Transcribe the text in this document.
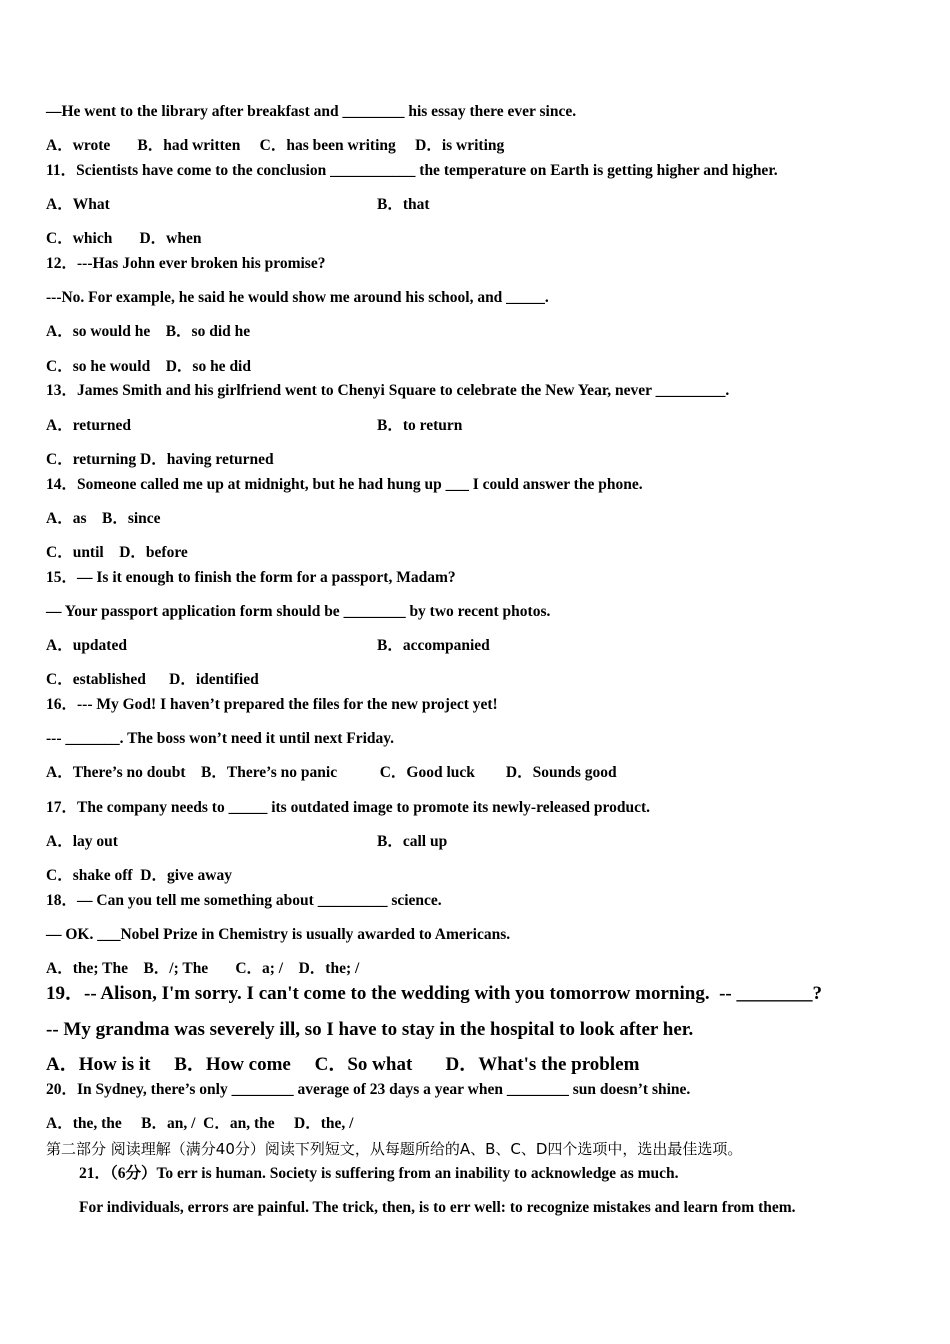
—He went to the library after breakfast and ________ his essay there ever since.
A．wrote       B．had written     C．has been writing     D．is writing
11．Scientists have come to the conclusion ___________ the temperature on Earth is getting higher and higher.
A．What	B．that
C．which       D．when
12．---Has John ever broken his promise?
---No. For example, he said he would show me around his school, and _____.
A．so would he    B．so did he
C．so he would    D．so he did
13．James Smith and his girlfriend went to Chenyi Square to celebrate the New Year, never _________.
A．returned	B．to return
C．returning D．having returned
14．Someone called me up at midnight, but he had hung up ___ I could answer the phone.
A．as    B．since
C．until    D．before
15．— Is it enough to finish the form for a passport, Madam?
— Your passport application form should be ________ by two recent photos.
A．updated	B．accompanied
C．established      D．identified
16．--- My God! I haven’t prepared the files for the new project yet!
--- _______. The boss won’t need it until next Friday.
A．There’s no doubt    B．There’s no panic           C．Good luck        D．Sounds good
17．The company needs to _____ its outdated image to promote its newly-released product.
A．lay out	B．call up
C．shake off  D．give away
18．— Can you tell me something about _________ science.
— OK. ___Nobel Prize in Chemistry is usually awarded to Americans.
A．the; The    B．/; The       C．a; /    D．the; /
19．-- Alison, I'm sorry. I can't come to the wedding with you tomorrow morning.  -- ________?
-- My grandma was severely ill, so I have to stay in the hospital to look after her.
A．How is it     B．How come     C．So what       D．What's the problem
20．In Sydney, there’s only ________ average of 23 days a year when ________ sun doesn’t shine.
A．the, the     B．an, /  C．an, the     D．the, /
第二部分 阅读理解（满分40分）阅读下列短文，从每题所给的A、B、C、D四个选项中，选出最佳选项。
21．（6分）To err is human. Society is suffering from an inability to acknowledge as much.
For individuals, errors are painful. The trick, then, is to err well: to recognize mistakes and learn from them.
